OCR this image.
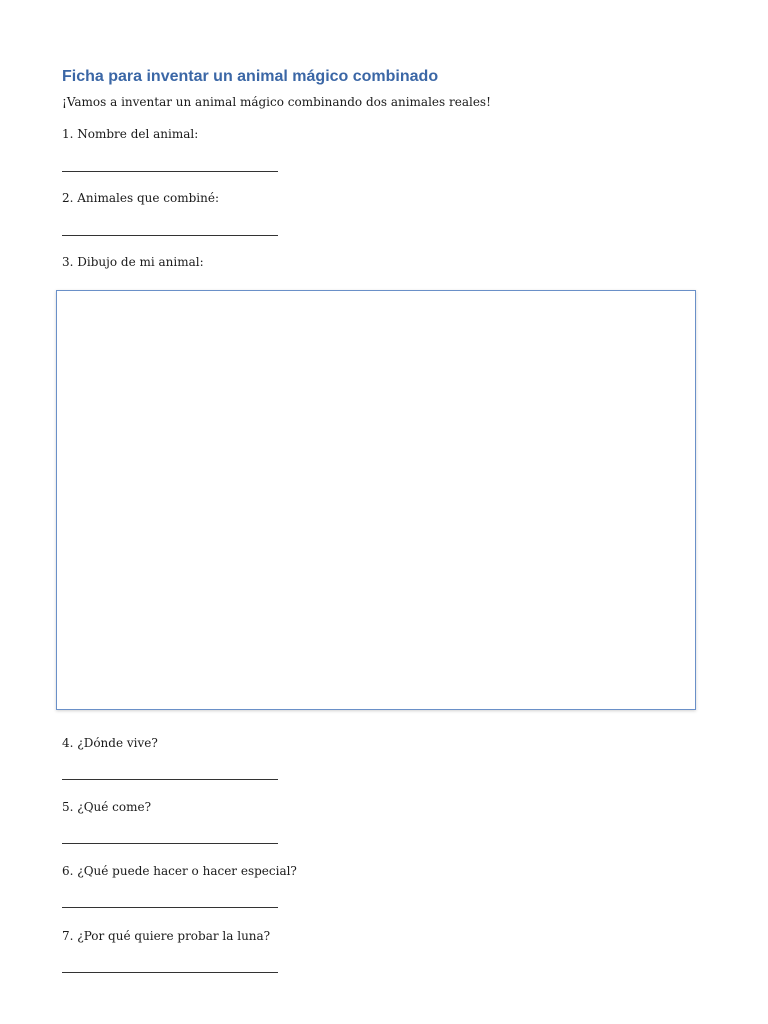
Ficha para inventar un animal mágico combinado
¡Vamos a inventar un animal mágico combinando dos animales reales!
1. Nombre del animal:
2. Animales que combiné:
3. Dibujo de mi animal:
4. ¿Dónde vive?
5. ¿Qué come?
6. ¿Qué puede hacer o hacer especial?
7. ¿Por qué quiere probar la luna?
